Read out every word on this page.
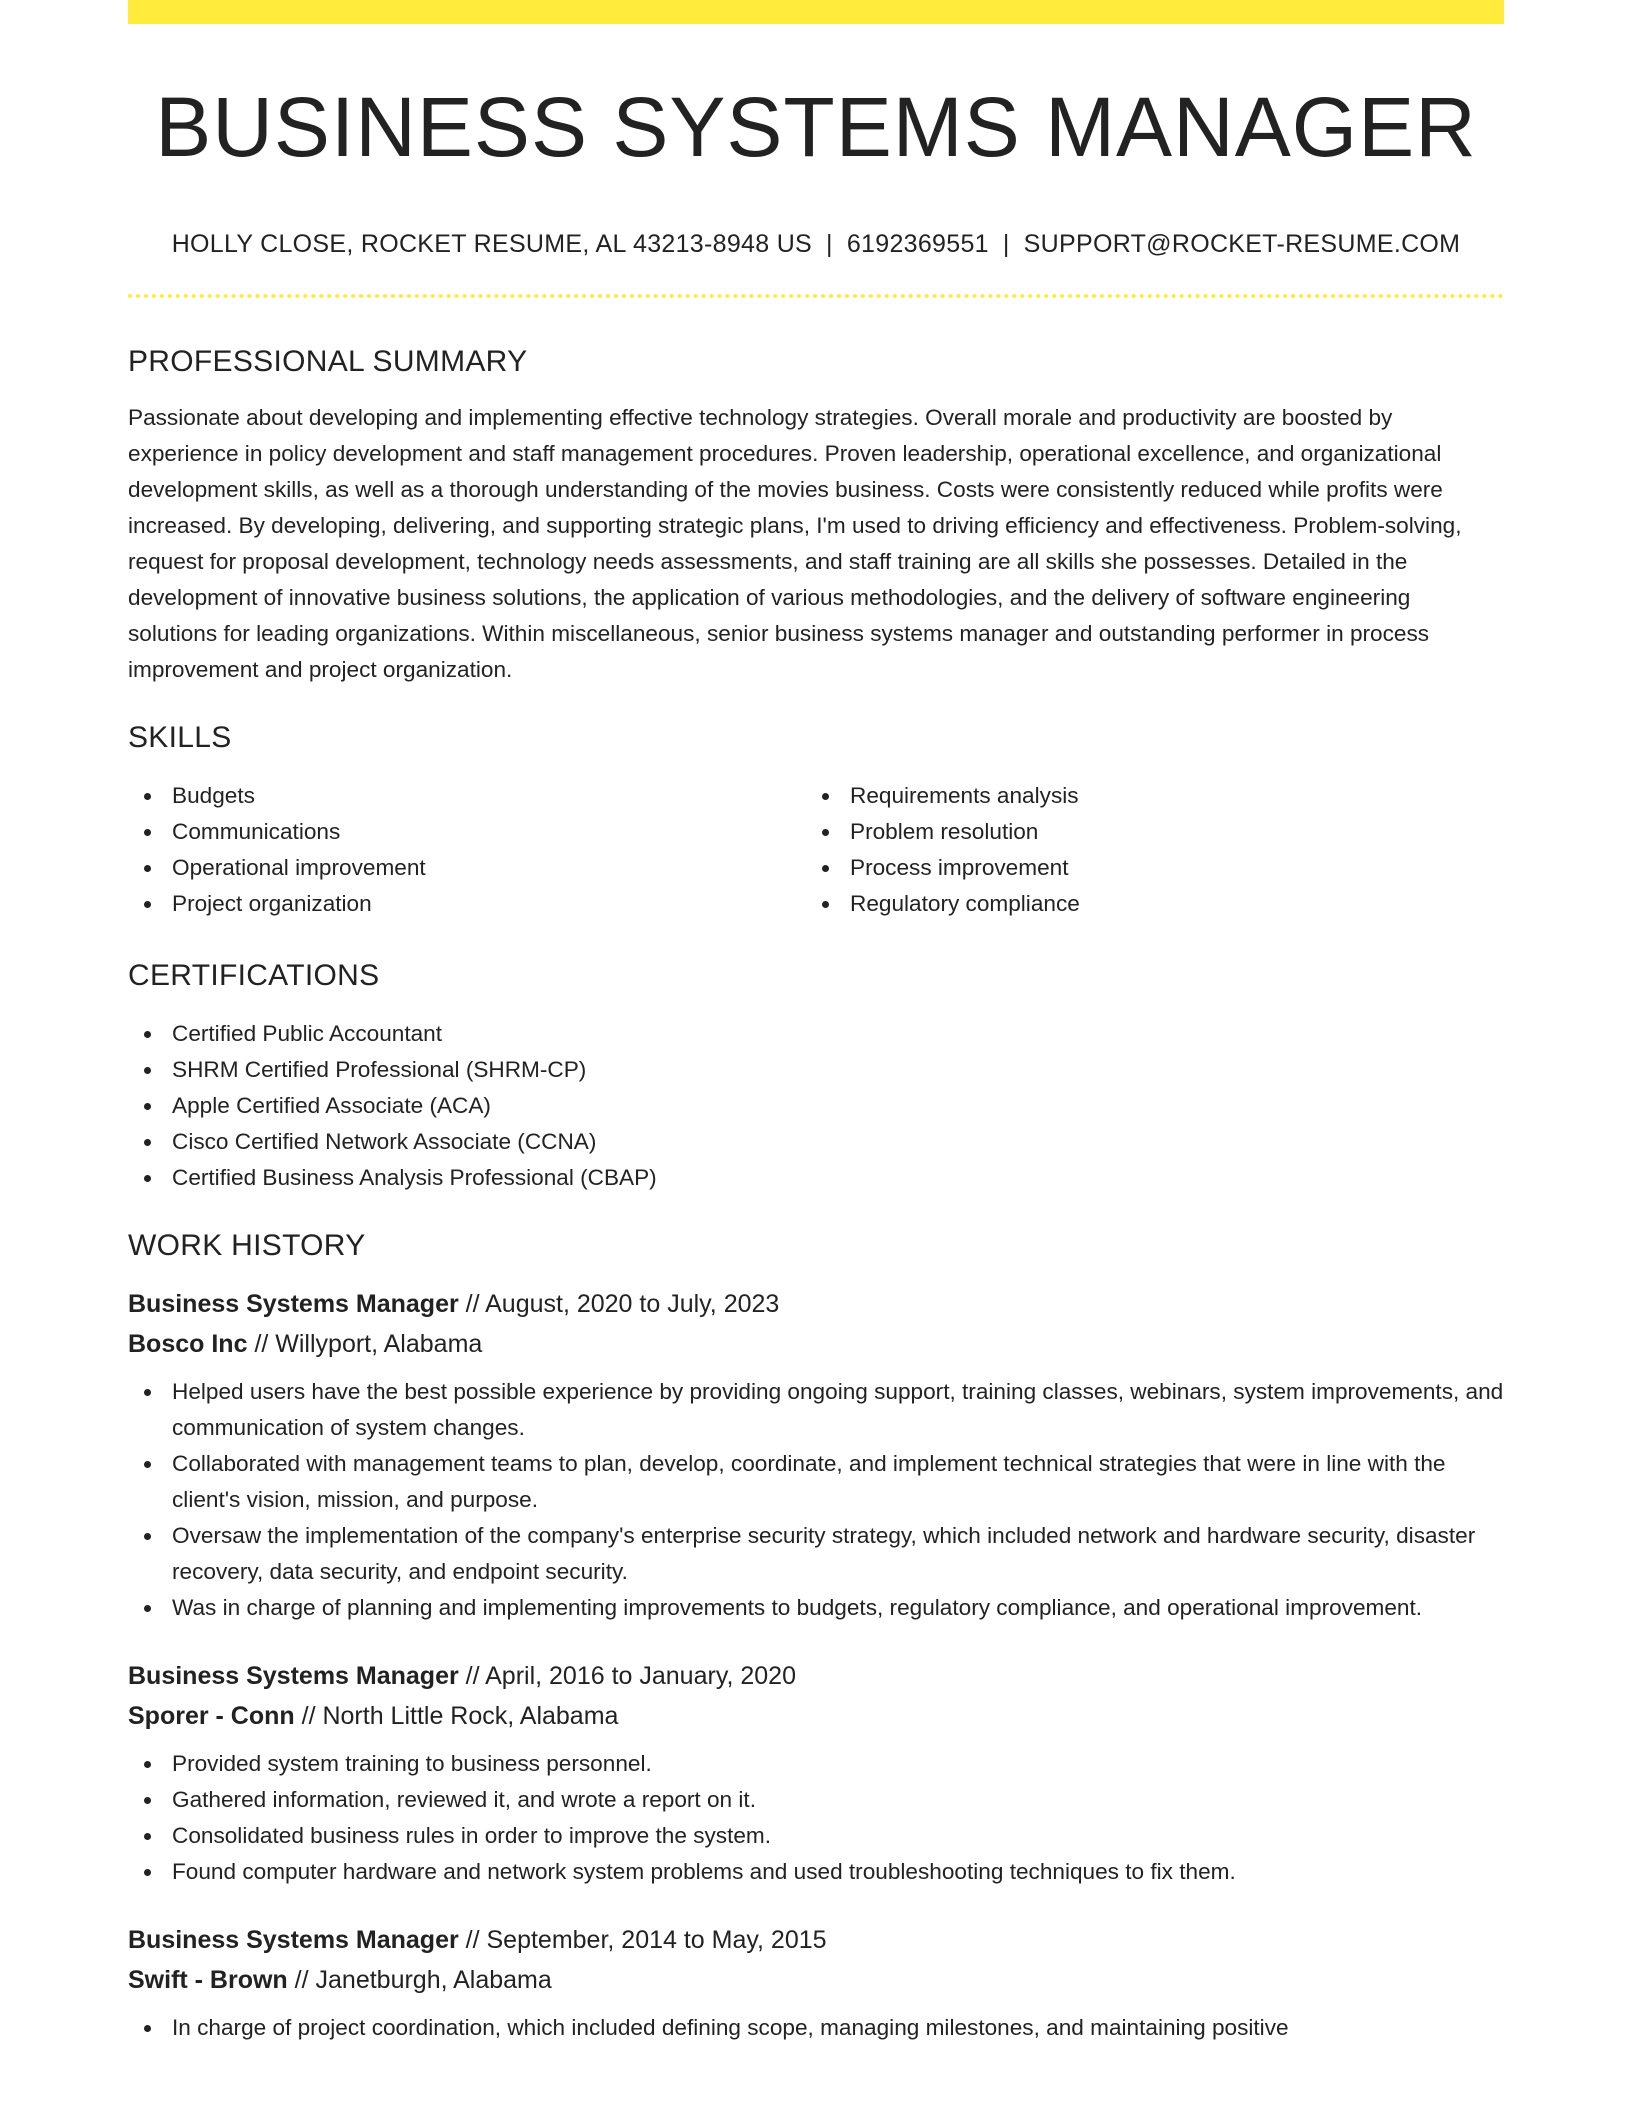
BUSINESS SYSTEMS MANAGER
HOLLY CLOSE, ROCKET RESUME, AL 43213-8948 US | 6192369551 | SUPPORT@ROCKET-RESUME.COM
PROFESSIONAL SUMMARY

Passionate about developing and implementing effective technology strategies. Overall morale and productivity are boosted by experience in policy development and staff management procedures. Proven leadership, operational excellence, and organizational development skills, as well as a thorough understanding of the movies business. Costs were consistently reduced while profits were increased. By developing, delivering, and supporting strategic plans, I'm used to driving efficiency and effectiveness. Problem-solving, request for proposal development, technology needs assessments, and staff training are all skills she possesses. Detailed in the development of innovative business solutions, the application of various methodologies, and the delivery of software engineering solutions for leading organizations. Within miscellaneous, senior business systems manager and outstanding performer in process improvement and project organization.

SKILLS
Budgets
Communications
Operational improvement
Project organization
Requirements analysis
Problem resolution
Process improvement
Regulatory compliance
CERTIFICATIONS
Certified Public Accountant
SHRM Certified Professional (SHRM-CP)
Apple Certified Associate (ACA)
Cisco Certified Network Associate (CCNA)
Certified Business Analysis Professional (CBAP)
WORK HISTORY
Business Systems Manager // August, 2020 to July, 2023
Bosco Inc // Willyport, Alabama
Helped users have the best possible experience by providing ongoing support, training classes, webinars, system improvements, and communication of system changes.
Collaborated with management teams to plan, develop, coordinate, and implement technical strategies that were in line with the client's vision, mission, and purpose.
Oversaw the implementation of the company's enterprise security strategy, which included network and hardware security, disaster recovery, data security, and endpoint security.
Was in charge of planning and implementing improvements to budgets, regulatory compliance, and operational improvement.
Business Systems Manager // April, 2016 to January, 2020
Sporer - Conn // North Little Rock, Alabama
Provided system training to business personnel.
Gathered information, reviewed it, and wrote a report on it.
Consolidated business rules in order to improve the system.
Found computer hardware and network system problems and used troubleshooting techniques to fix them.
Business Systems Manager // September, 2014 to May, 2015
Swift - Brown // Janetburgh, Alabama
In charge of project coordination, which included defining scope, managing milestones, and maintaining positive
